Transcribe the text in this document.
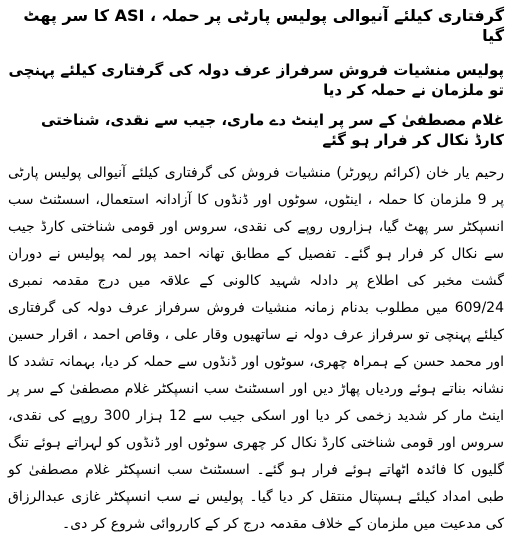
گرفتاری کیلئے آنیوالی پولیس پارٹی پر حملہ ، ASI کا سر پھٹ گیا
پولیس منشیات فروش سرفراز عرف دولہ کی گرفتاری کیلئے پہنچی تو ملزمان نے حملہ کر دیا
غلام مصطفیٰ کے سر پر اینٹ دے ماری، جیب سے نقدی، شناختی کارڈ نکال کر فرار ہو گئے
رحیم یار خان (کرائم رپورٹر) منشیات فروش کی گرفتاری کیلئے آنیوالی پولیس پارٹی پر 9 ملزمان کا حملہ ، اینٹوں، سوٹوں اور ڈنڈوں کا آزادانہ استعمال، اسسٹنٹ سب انسپکٹر سر پھٹ گیا، ہزاروں روپے کی نقدی، سروس اور قومی شناختی کارڈ جیب سے نکال کر فرار ہو گئے۔ تفصیل کے مطابق تھانہ احمد پور لمہ پولیس نے دوران گشت مخبر کی اطلاع پر دادلہ شہید کالونی کے علاقہ میں درج مقدمہ نمبری 609/24 میں مطلوب بدنام زمانہ منشیات فروش سرفراز عرف دولہ کی گرفتاری کیلئے پہنچی تو سرفراز عرف دولہ نے ساتھیوں وقار علی ، وقاص احمد ، اقرار حسین اور محمد حسن کے ہمراہ چھری، سوٹوں اور ڈنڈوں سے حملہ کر دیا، بہمانہ تشدد کا نشانہ بناتے ہوئے وردیاں پھاڑ دیں اور اسسٹنٹ سب انسپکٹر غلام مصطفیٰ کے سر پر اینٹ مار کر شدید زخمی کر دیا اور اسکی جیب سے 12 ہزار 300 روپے کی نقدی، سروس اور قومی شناختی کارڈ نکال کر چھری سوٹوں اور ڈنڈوں کو لہراتے ہوئے تنگ گلیوں کا فائدہ اٹھاتے ہوئے فرار ہو گئے۔ اسسٹنٹ سب انسپکٹر غلام مصطفیٰ کو طبی امداد کیلئے ہسپتال منتقل کر دیا گیا۔ پولیس نے سب انسپکٹر غازی عبدالرزاق کی مدعیت میں ملزمان کے خلاف مقدمہ درج کر کے کارروائی شروع کر دی۔
